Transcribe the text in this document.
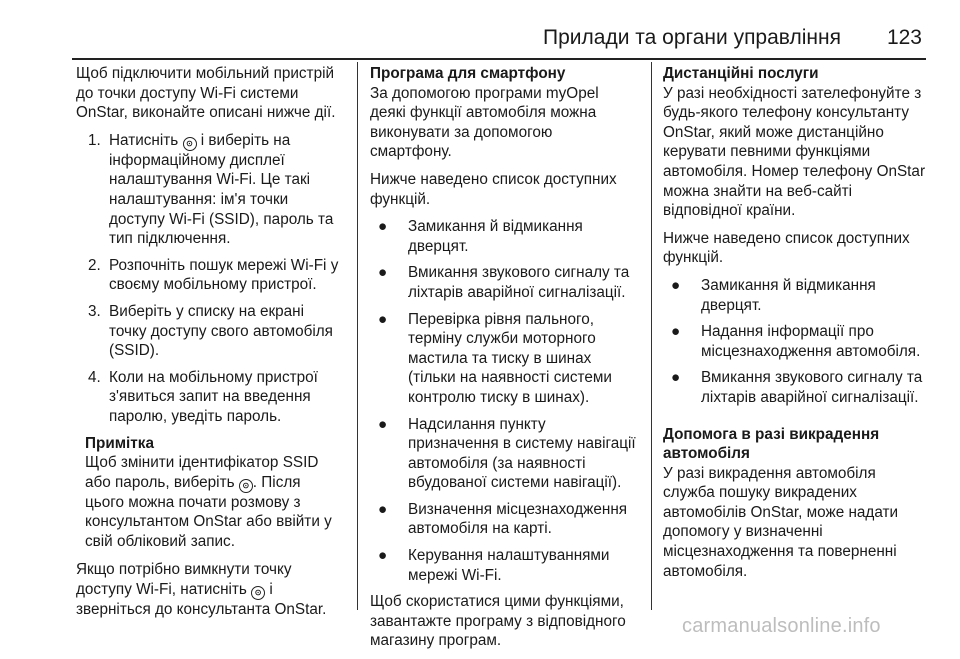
Прилади та органи управління 123

Щоб підключити мобільний пристрій до точки доступу Wi-Fi системи OnStar, виконайте описані нижче дії.

1. Натисніть ⊙ і виберіть на інформаційному дисплеї налаштування Wi-Fi. Це такі налаштування: ім'я точки доступу Wi-Fi (SSID), пароль та тип підключення.
2. Розпочніть пошук мережі Wi-Fi у своєму мобільному пристрої.
3. Виберіть у списку на екрані точку доступу свого автомобіля (SSID).
4. Коли на мобільному пристрої з'явиться запит на введення паролю, уведіть пароль.

Примітка

Щоб змінити ідентифікатор SSID або пароль, виберіть ⊙ . Після цього можна почати розмову з консультантом OnStar або ввійти у свій обліковий запис.

Якщо потрібно вимкнути точку доступу Wi-Fi, натисніть ⊙ і зверніться до консультанта OnStar.

Програма для смартфону

За допомогою програми myOpel деякі функції автомобіля можна виконувати за допомогою смартфону.

Нижче наведено список доступних функцій.

●	Замикання й відмикання дверцят.
●	Вмикання звукового сигналу та ліхтарів аварійної сигналізації.
●	Перевірка рівня пального, терміну служби моторного мастила та тиску в шинах (тільки на наявності системи контролю тиску в шинах).
●	Надсилання пункту призначення в систему навігації автомобіля (за наявності вбудованої системи навігації).
●	Визначення місцезнаходження автомобіля на карті.
●	Керування налаштуваннями мережі Wi-Fi.

Щоб скористатися цими функціями, завантажте програму з відповідного магазину програм.

Дистанційні послуги

У разі необхідності зателефонуйте з будь-якого телефону консультанту OnStar, який може дистанційно керувати певними функціями автомобіля. Номер телефону OnStar можна знайти на веб-сайті відповідної країни.

Нижче наведено список доступних функцій.

●	Замикання й відмикання дверцят.
●	Надання інформації про місцезнаходження автомобіля.
●	Вмикання звукового сигналу та ліхтарів аварійної сигналізації.

Допомога в разі викрадення автомобіля

У разі викрадення автомобіля служба пошуку викрадених автомобілів OnStar, може надати допомогу у визначенні місцезнаходження та поверненні автомобіля.

carmanualsonline.info
